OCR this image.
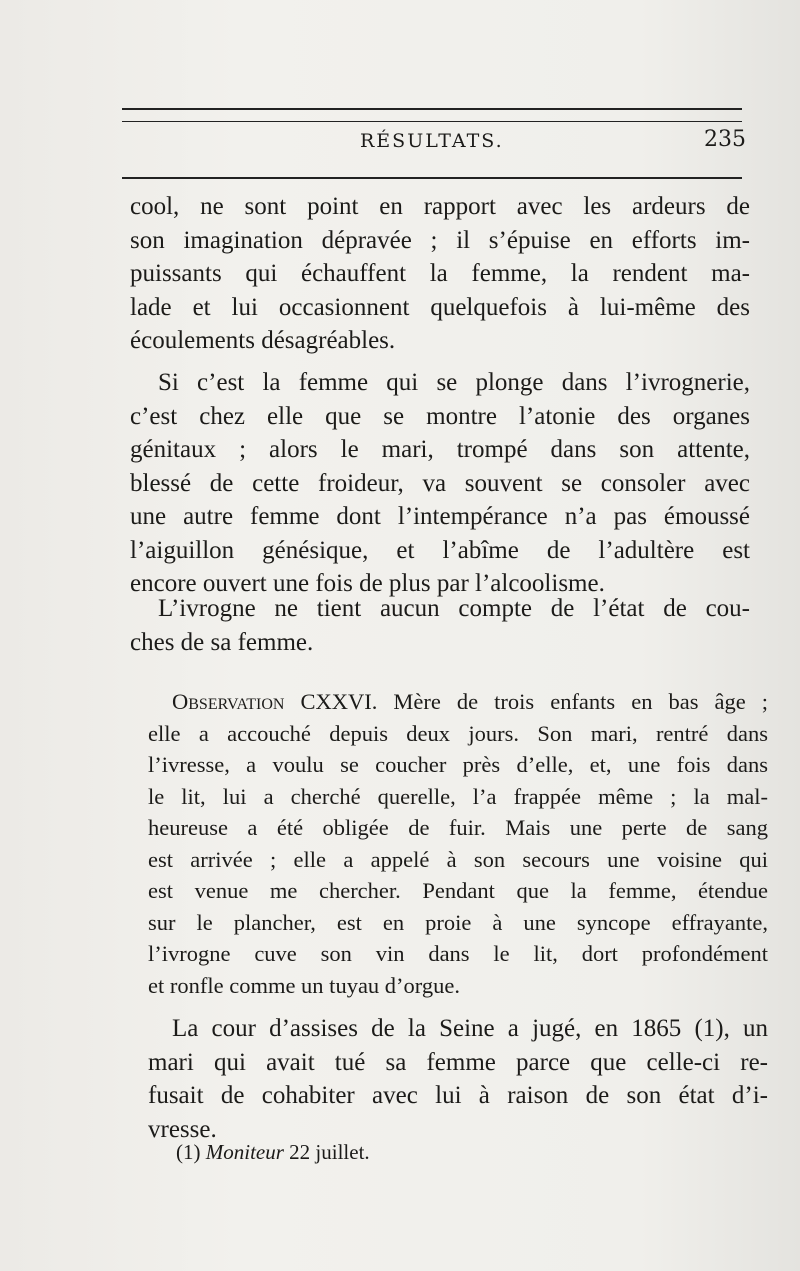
RÉSULTATS.	235
cool, ne sont point en rapport avec les ardeurs de
son imagination dépravée ; il s’épuise en efforts im-
puissants qui échauffent la femme, la rendent ma-
lade et lui occasionnent quelquefois à lui-même des
écoulements désagréables.
Si c’est la femme qui se plonge dans l’ivrognerie,
c’est chez elle que se montre l’atonie des organes
génitaux ; alors le mari, trompé dans son attente,
blessé de cette froideur, va souvent se consoler avec
une autre femme dont l’intempérance n’a pas émoussé
l’aiguillon génésique, et l’abîme de l’adultère est
encore ouvert une fois de plus par l’alcoolisme.
L’ivrogne ne tient aucun compte de l’état de cou-
ches de sa femme.
Observation CXXVI. Mère de trois enfants en bas âge ;
elle a accouché depuis deux jours. Son mari, rentré dans
l’ivresse, a voulu se coucher près d’elle, et, une fois dans
le lit, lui a cherché querelle, l’a frappée même ; la mal-
heureuse a été obligée de fuir. Mais une perte de sang
est arrivée ; elle a appelé à son secours une voisine qui
est venue me chercher. Pendant que la femme, étendue
sur le plancher, est en proie à une syncope effrayante,
l’ivrogne cuve son vin dans le lit, dort profondément
et ronfle comme un tuyau d’orgue.
La cour d’assises de la Seine a jugé, en 1865 (1), un
mari qui avait tué sa femme parce que celle-ci re-
fusait de cohabiter avec lui à raison de son état d’i-
vresse.
(1) Moniteur 22 juillet.
